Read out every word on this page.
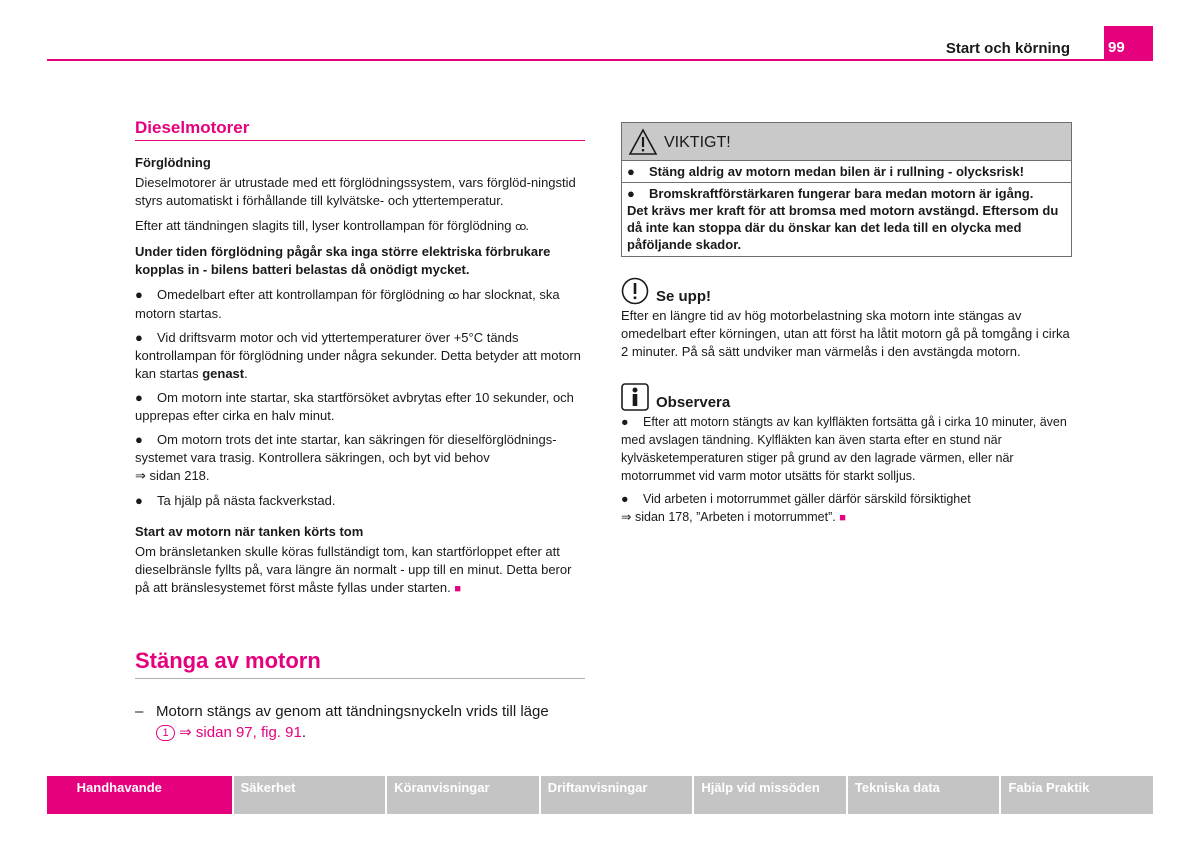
Start och körning	99
Dieselmotorer
Förglödning

Dieselmotorer är utrustade med ett förglödningssystem, vars förglöd-ningstid styrs automatiskt i förhållande till kylvätske- och yttertemperatur.

Efter att tändningen slagits till, lyser kontrollampan för förglödning ꝏ.

Under tiden förglödning pågår ska inga större elektriska förbrukare kopplas in - bilens batteri belastas då onödigt mycket.

● Omedelbart efter att kontrollampan för förglödning ꝏ har slocknat, ska motorn startas.
● Vid driftsvarm motor och vid yttertemperaturer över +5°C tänds kontrollampan för förglödning under några sekunder. Detta betyder att motorn kan startas genast.
● Om motorn inte startar, ska startförsöket avbrytas efter 10 sekunder, och upprepas efter cirka en halv minut.
● Om motorn trots det inte startar, kan säkringen för dieselförglödnings-systemet vara trasig. Kontrollera säkringen, och byt vid behov
⇒ sidan 218.
● Ta hjälp på nästa fackverkstad.
Start av motorn när tanken körts tom

Om bränsletanken skulle köras fullständigt tom, kan startförloppet efter att dieselbränsle fyllts på, vara längre än normalt - upp till en minut. Detta beror på att bränslesystemet först måste fyllas under starten. ■

Stänga av motorn
– Motorn stängs av genom att tändningsnyckeln vrids till läge
1 ⇒ sidan 97, fig. 91.
VIKTIGT!
● Stäng aldrig av motorn medan bilen är i rullning - olycksrisk!
● Bromskraftförstärkaren fungerar bara medan motorn är igång.
Det krävs mer kraft för att bromsa med motorn avstängd. Eftersom du då inte kan stoppa där du önskar kan det leda till en olycka med påföljande skador.
Se upp!

Efter en längre tid av hög motorbelastning ska motorn inte stängas av omedelbart efter körningen, utan att först ha låtit motorn gå på tomgång i cirka 2 minuter. På så sätt undviker man värmelås i den avstängda motorn.

Observera
● Efter att motorn stängts av kan kylfläkten fortsätta gå i cirka 10 minuter, även med avslagen tändning. Kylfläkten kan även starta efter en stund när kylväsketemperaturen stiger på grund av den lagrade värmen, eller när motorrummet vid varm motor utsätts för starkt solljus.
● Vid arbeten i motorrummet gäller därför särskild försiktighet
⇒ sidan 178, ”Arbeten i motorrummet”. ■
Handhavande	Säkerhet	Köranvisningar	Driftanvisningar	Hjälp vid missöden	Tekniska data	Fabia Praktik
